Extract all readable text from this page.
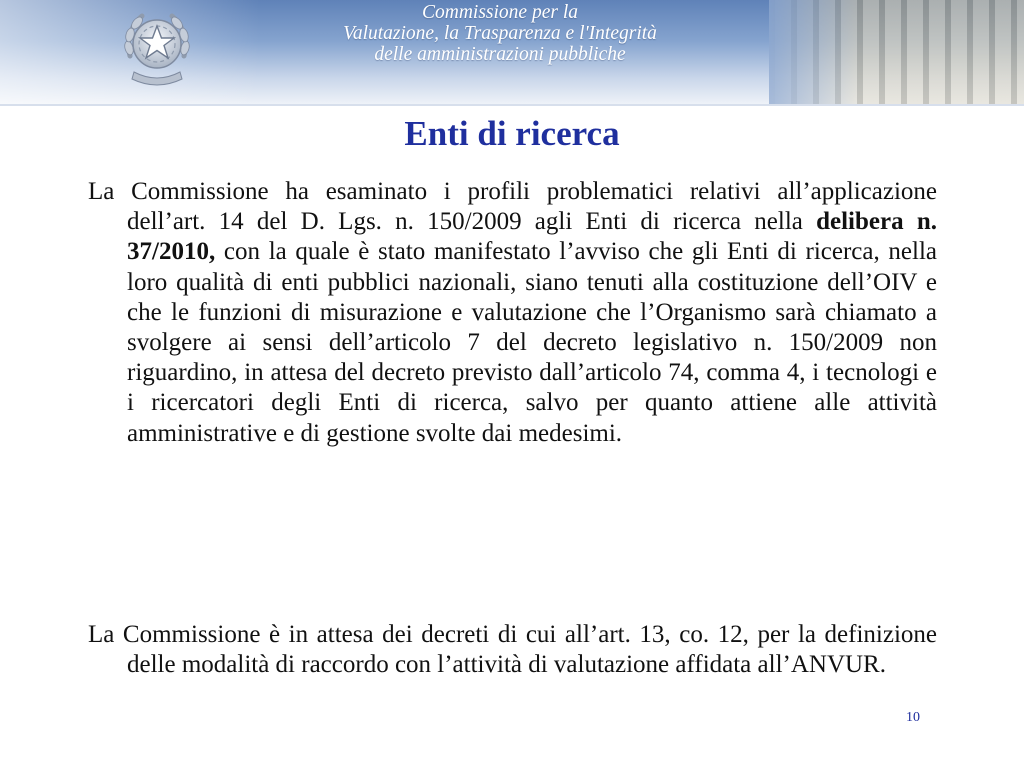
Commissione per la
Valutazione, la Trasparenza e l'Integrità
delle amministrazioni pubbliche
Enti di ricerca

La Commissione ha esaminato i profili problematici relativi all’applicazione dell’art. 14 del D. Lgs. n. 150/2009 agli Enti di ricerca nella delibera n. 37/2010, con la quale è stato manifestato l’avviso che gli Enti di ricerca, nella loro qualità di enti pubblici nazionali, siano tenuti alla costituzione dell’OIV e che le funzioni di misurazione e valutazione che l’Organismo sarà chiamato a svolgere ai sensi dell’articolo 7 del decreto legislativo n. 150/2009 non riguardino, in attesa del decreto previsto dall’articolo 74, comma 4, i tecnologi e i ricercatori degli Enti di ricerca, salvo per quanto attiene alle attività amministrative e di gestione svolte dai medesimi.

La Commissione è in attesa dei decreti di cui all’art. 13, co. 12, per la definizione delle modalità di raccordo con l’attività di valutazione affidata all’ANVUR.

10
